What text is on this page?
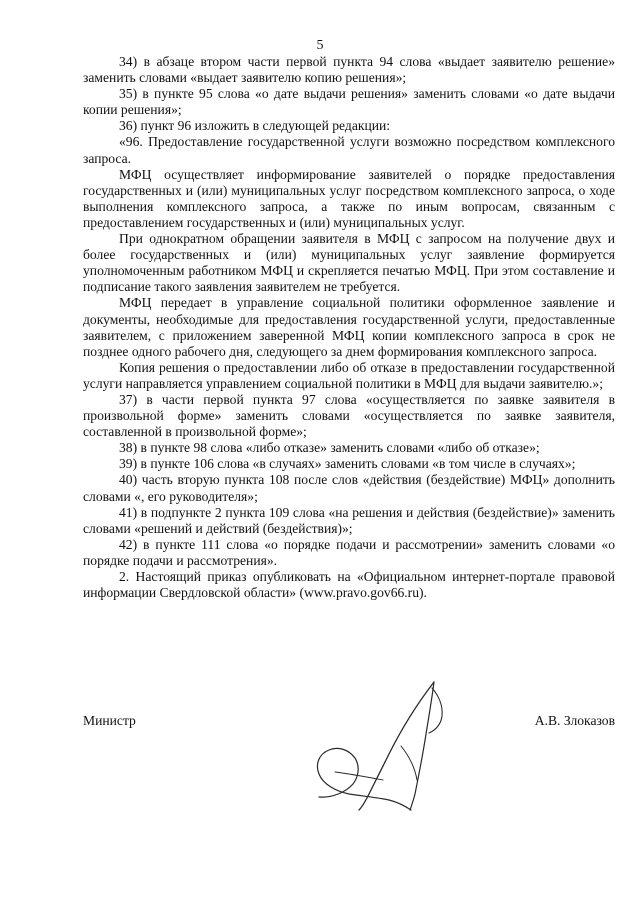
5

34) в абзаце втором части первой пункта 94 слова «выдает заявителю решение» заменить словами «выдает заявителю копию решения»;

35) в пункте 95 слова «о дате выдачи решения» заменить словами «о дате выдачи копии решения»;

36) пункт 96 изложить в следующей редакции:

«96. Предоставление государственной услуги возможно посредством комплексного запроса.

МФЦ осуществляет информирование заявителей о порядке предоставления государственных и (или) муниципальных услуг посредством комплексного запроса, о ходе выполнения комплексного запроса, а также по иным вопросам, связанным с предоставлением государственных и (или) муниципальных услуг.

При однократном обращении заявителя в МФЦ с запросом на получение двух и более государственных и (или) муниципальных услуг заявление формируется уполномоченным работником МФЦ и скрепляется печатью МФЦ. При этом составление и подписание такого заявления заявителем не требуется.

МФЦ передает в управление социальной политики оформленное заявление и документы, необходимые для предоставления государственной услуги, предоставленные заявителем, с приложением заверенной МФЦ копии комплексного запроса в срок не позднее одного рабочего дня, следующего за днем формирования комплексного запроса.

Копия решения о предоставлении либо об отказе в предоставлении государственной услуги направляется управлением социальной политики в МФЦ для выдачи заявителю.»;

37) в части первой пункта 97 слова «осуществляется по заявке заявителя в произвольной форме» заменить словами «осуществляется по заявке заявителя, составленной в произвольной форме»;

38) в пункте 98 слова «либо отказе» заменить словами «либо об отказе»;

39) в пункте 106 слова «в случаях» заменить словами «в том числе в случаях»;

40) часть вторую пункта 108 после слов «действия (бездействие) МФЦ» дополнить словами «, его руководителя»;

41) в подпункте 2 пункта 109 слова «на решения и действия (бездействие)» заменить словами «решений и действий (бездействия)»;

42) в пункте 111 слова «о порядке подачи и рассмотрении» заменить словами «о порядке подачи и рассмотрения».

2. Настоящий приказ опубликовать на «Официальном интернет-портале правовой информации Свердловской области» (www.pravo.gov66.ru).

Министр	А.В. Злоказов
